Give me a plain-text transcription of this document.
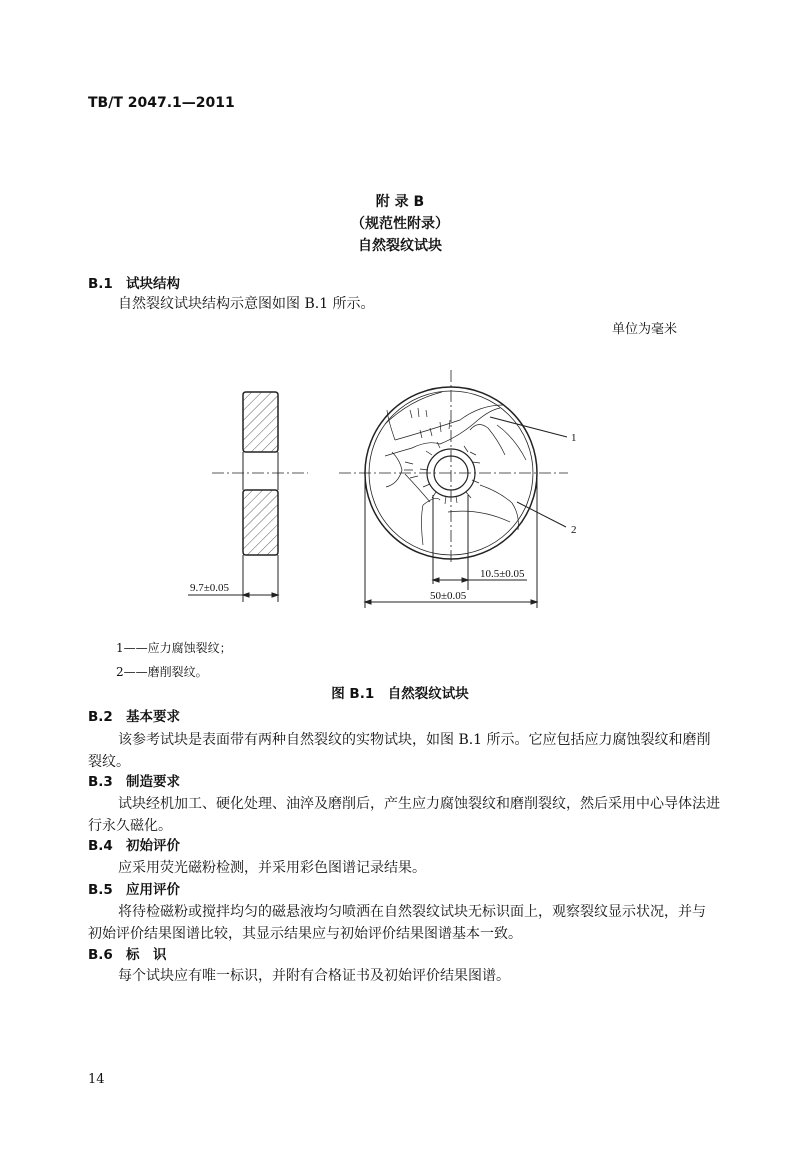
TB/T 2047.1—2011
附 录 B
（规范性附录）
自然裂纹试块
B.1 试块结构
自然裂纹试块结构示意图如图 B.1 所示。
单位为毫米
1
2
9.7±0.05
10.5±0.05
50±0.05
1——应力腐蚀裂纹；
2——磨削裂纹。
图 B.1　自然裂纹试块
B.2 基本要求
该参考试块是表面带有两种自然裂纹的实物试块，如图 B.1 所示。它应包括应力腐蚀裂纹和磨削
裂纹。
B.3 制造要求
试块经机加工、硬化处理、油淬及磨削后，产生应力腐蚀裂纹和磨削裂纹，然后采用中心导体法进
行永久磁化。
B.4 初始评价
应采用荧光磁粉检测，并采用彩色图谱记录结果。
B.5 应用评价
将待检磁粉或搅拌均匀的磁悬液均匀喷洒在自然裂纹试块无标识面上，观察裂纹显示状况，并与
初始评价结果图谱比较，其显示结果应与初始评价结果图谱基本一致。
B.6 标　识
每个试块应有唯一标识，并附有合格证书及初始评价结果图谱。
14
